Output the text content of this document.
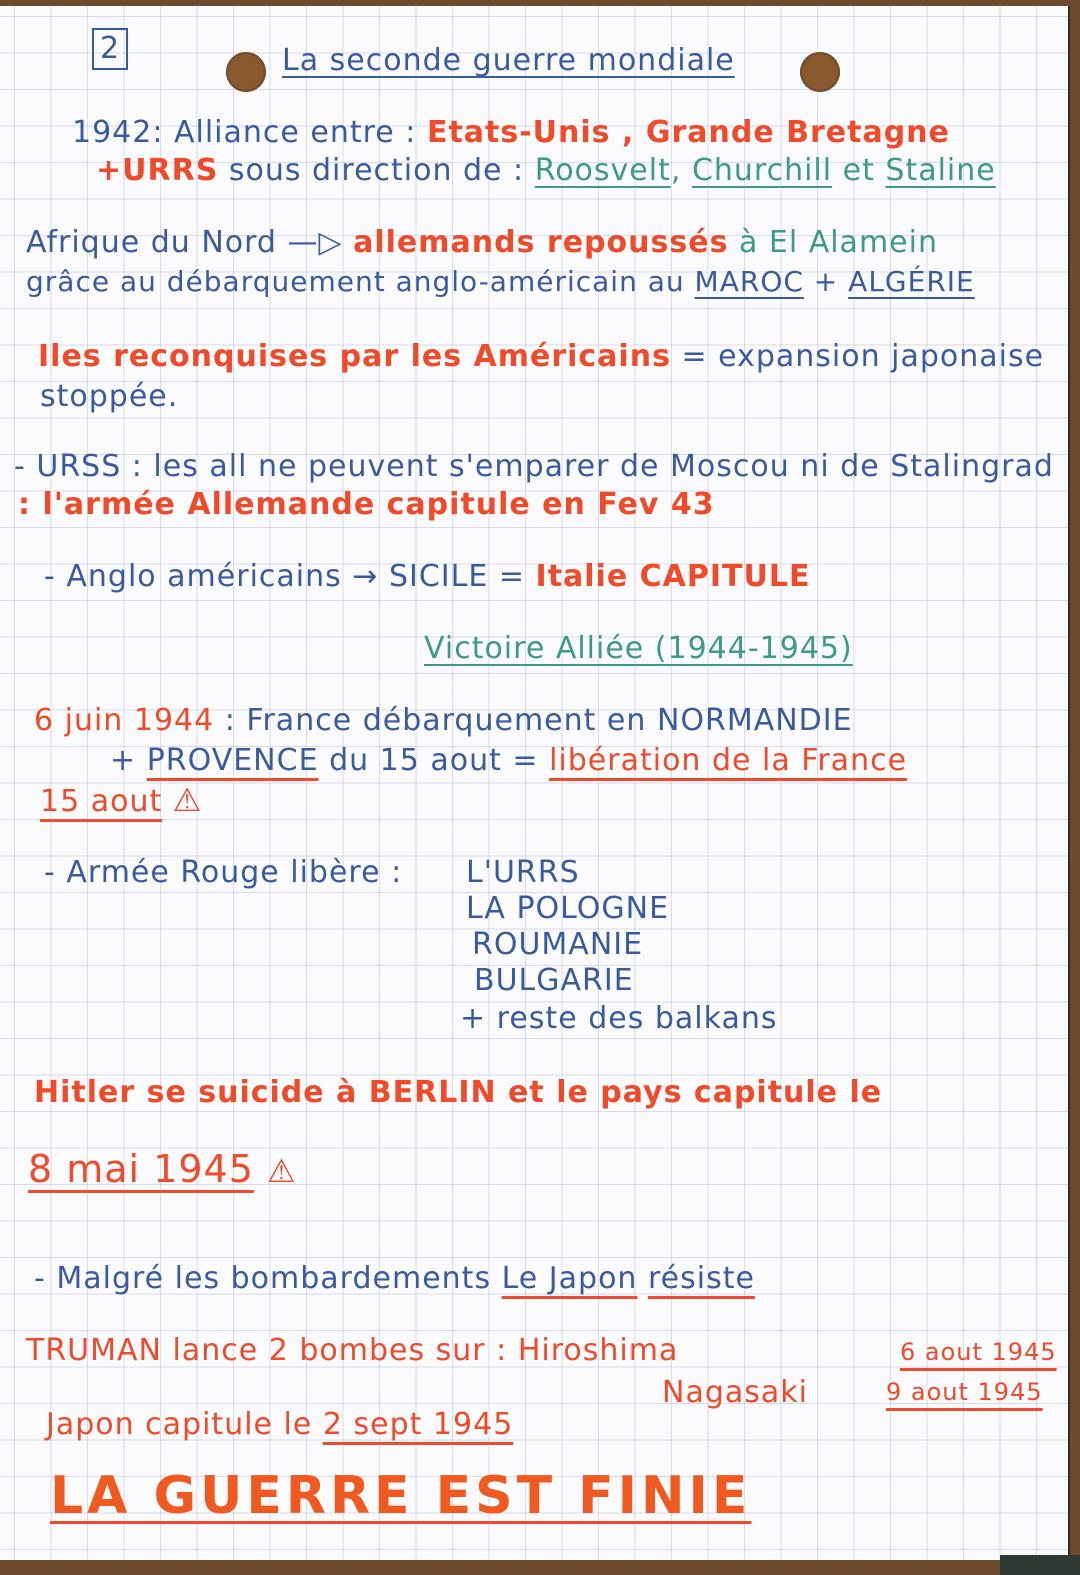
2	La seconde guerre mondiale
1942: Alliance entre : Etats-Unis , Grande Bretagne
+URRS sous direction de : Roosvelt, Churchill et Staline
Afrique du Nord —▷ allemands repoussés à El Alamein
grâce au débarquement anglo-américain au MAROC + ALGÉRIE
Iles reconquises par les Américains = expansion japonaise
stoppée.
- URSS : les all ne peuvent s'emparer de Moscou ni de Stalingrad
: l'armée Allemande capitule en Fev 43
- Anglo américains → SICILE = Italie CAPITULE
Victoire Alliée (1944-1945)
6 juin 1944 : France débarquement en NORMANDIE
+ PROVENCE du 15 aout = libération de la France
15 aout ⚠
- Armée Rouge libère : L'URRS
LA POLOGNE
ROUMANIE
BULGARIE
+ reste des balkans
Hitler se suicide à BERLIN et le pays capitule le
8 mai 1945 ⚠
- Malgré les bombardements Le Japon résiste
TRUMAN lance 2 bombes sur : Hiroshima	6 aout 1945
Nagasaki	9 aout 1945
Japon capitule le 2 sept 1945
LA GUERRE EST FINIE
